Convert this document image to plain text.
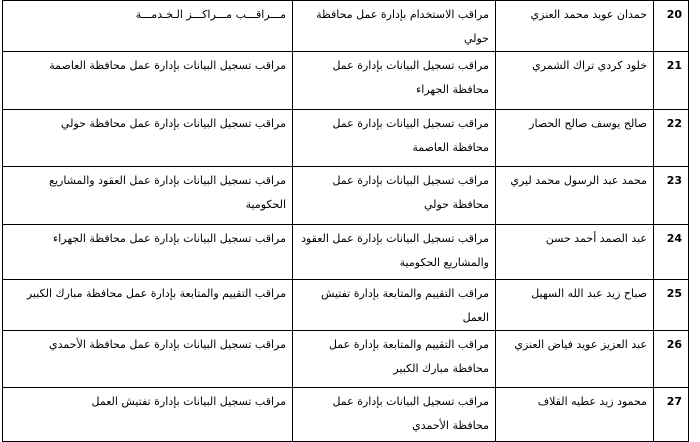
20	حمدان عويد محمد العنزي	مراقب الاستخدام بإدارة عمل محافظة حولي	مـــراقـــب مـــراكـــز الـخـدمـــة
21	خلود كردي تراك الشمري	مراقب تسجيل البيانات بإدارة عمل محافظة الجهراء	مراقب تسجيل البيانات بإدارة عمل محافظة العاصمة
22	صالح يوسف صالح الحصار	مراقب تسجيل البيانات بإدارة عمل محافظة العاصمة	مراقب تسجيل البيانات بإدارة عمل محافظة حولي
23	محمد عبد الرسول محمد ليري	مراقب تسجيل البيانات بإدارة عمل محافظة حولي	مراقب تسجيل البيانات بإدارة عمل العقود والمشاريع الحكومية
24	عبد الصمد أحمد حسن	مراقب تسجيل البيانات بإدارة عمل العقود والمشاريع الحكومية	مراقب تسجيل البيانات بإدارة عمل محافظة الجهراء
25	صباح زيد عبد الله السهيل	مراقب التقييم والمتابعة بإدارة تفتيش العمل	مراقب التقييم والمتابعة بإدارة عمل محافظة مبارك الكبير
26	عبد العزيز عويد فياض العنزي	مراقب التقييم والمتابعة بإدارة عمل محافظة مبارك الكبير	مراقب تسجيل البيانات بإدارة عمل محافظة الأحمدي
27	محمود زيد عطيه القلاف	مراقب تسجيل البيانات بإدارة عمل محافظة الأحمدي	مراقب تسجيل البيانات بإدارة تفتيش العمل
